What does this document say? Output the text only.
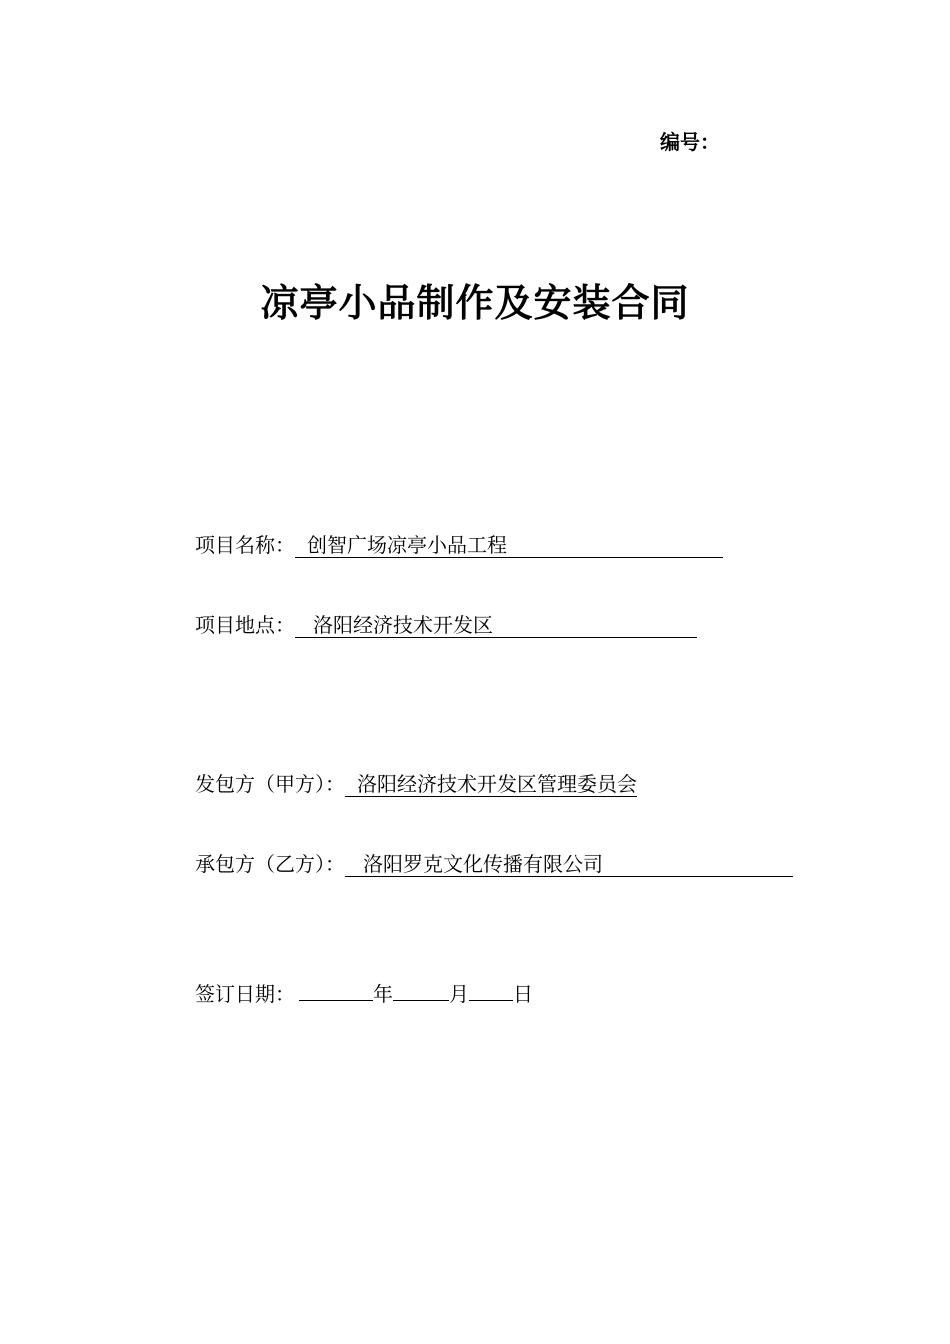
编号：
凉亭小品制作及安装合同
项目名称： 创智广场凉亭小品工程
项目地点： 洛阳经济技术开发区
发包方（甲方）： 洛阳经济技术开发区管理委员会
承包方（乙方）： 洛阳罗克文化传播有限公司
签订日期：	年	月 日
